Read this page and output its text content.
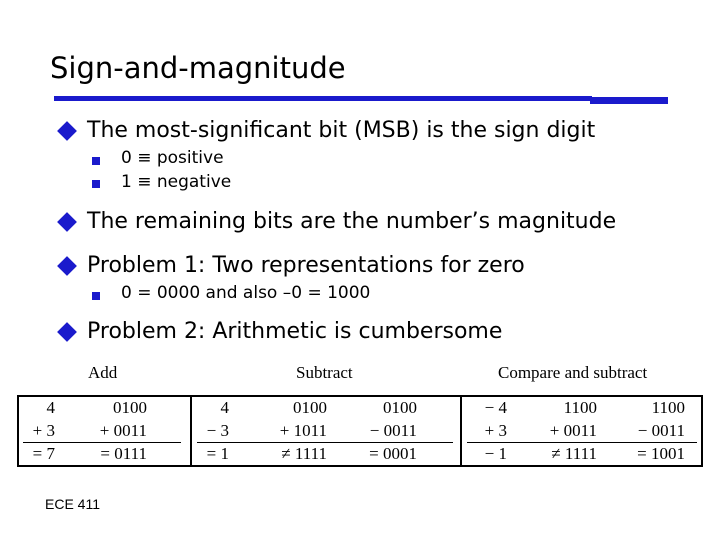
Sign-and-magnitude
The most-significant bit (MSB) is the sign digit
0 ≡ positive
1 ≡ negative
The remaining bits are the number’s magnitude
Problem 1: Two representations for zero
0 = 0000 and also –0 = 1000
Problem 2: Arithmetic is cumbersome
Add	Subtract	Compare and subtract
4
+ 3
= 7
0100
+ 0011
= 0111
4
− 3
= 1
0100
+ 1011
≠ 1111
0100
− 0011
= 0001
− 4
+ 3
− 1
1100
+ 0011
≠ 1111
1100
− 0011
= 1001
ECE 411
